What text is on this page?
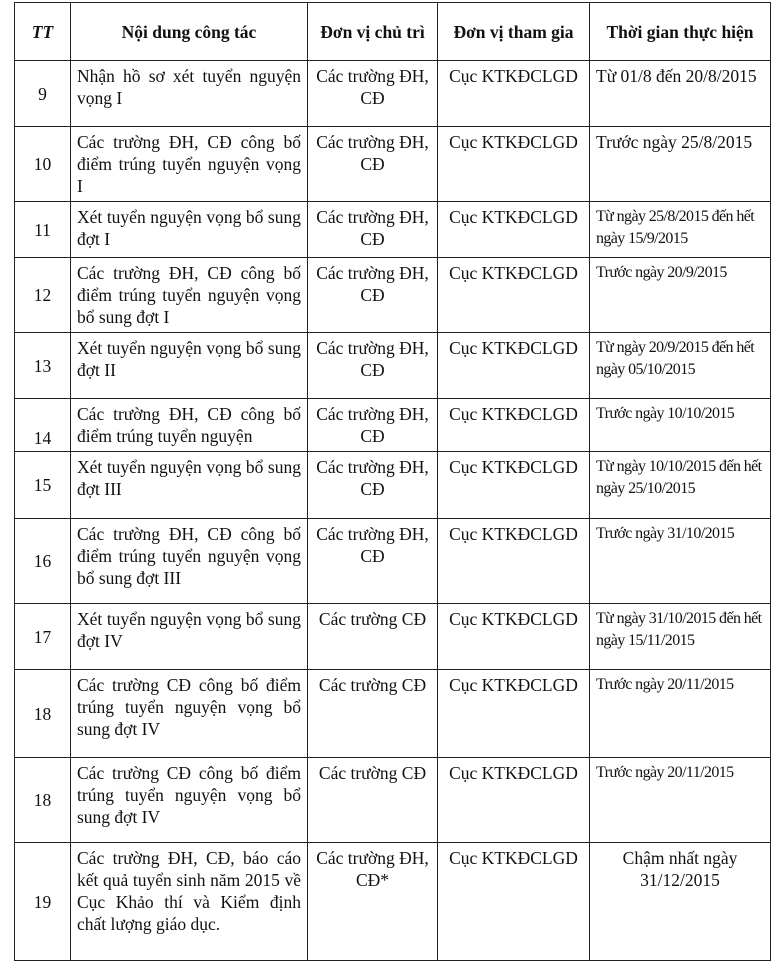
TT	Nội dung công tác	Đơn vị chủ trì	Đơn vị tham gia	Thời gian thực hiện
9	Nhận hồ sơ xét tuyển nguyện vọng I	Các trường ĐH, CĐ	Cục KTKĐCLGD	Từ 01/8 đến 20/8/2015
10	Các trường ĐH, CĐ công bố điểm trúng tuyển nguyện vọng I	Các trường ĐH, CĐ	Cục KTKĐCLGD	Trước ngày 25/8/2015
11	Xét tuyển nguyện vọng bổ sung đợt I	Các trường ĐH, CĐ	Cục KTKĐCLGD	Từ ngày 25/8/2015 đến hết ngày 15/9/2015
12	Các trường ĐH, CĐ công bố điểm trúng tuyển nguyện vọng bổ sung đợt I	Các trường ĐH, CĐ	Cục KTKĐCLGD	Trước ngày 20/9/2015
13	Xét tuyển nguyện vọng bổ sung đợt II	Các trường ĐH, CĐ	Cục KTKĐCLGD	Từ ngày 20/9/2015 đến hết ngày 05/10/2015
14	Các trường ĐH, CĐ công bố điểm trúng tuyển nguyện	Các trường ĐH, CĐ	Cục KTKĐCLGD	Trước ngày 10/10/2015
15	Xét tuyển nguyện vọng bổ sung đợt III	Các trường ĐH, CĐ	Cục KTKĐCLGD	Từ ngày 10/10/2015 đến hết ngày 25/10/2015
16	Các trường ĐH, CĐ công bố điểm trúng tuyển nguyện vọng bổ sung đợt III	Các trường ĐH, CĐ	Cục KTKĐCLGD	Trước ngày 31/10/2015
17	Xét tuyển nguyện vọng bổ sung đợt IV	Các trường CĐ	Cục KTKĐCLGD	Từ ngày 31/10/2015 đến hết ngày 15/11/2015
18	Các trường CĐ công bố điểm trúng tuyển nguyện vọng bổ sung đợt IV	Các trường CĐ	Cục KTKĐCLGD	Trước ngày 20/11/2015
18	Các trường CĐ công bố điểm trúng tuyển nguyện vọng bổ sung đợt IV	Các trường CĐ	Cục KTKĐCLGD	Trước ngày 20/11/2015
19	Các trường ĐH, CĐ, báo cáo kết quả tuyển sinh năm 2015 về Cục Khảo thí và Kiểm định chất lượng giáo dục.	Các trường ĐH, CĐ*	Cục KTKĐCLGD	Chậm nhất ngày 31/12/2015
